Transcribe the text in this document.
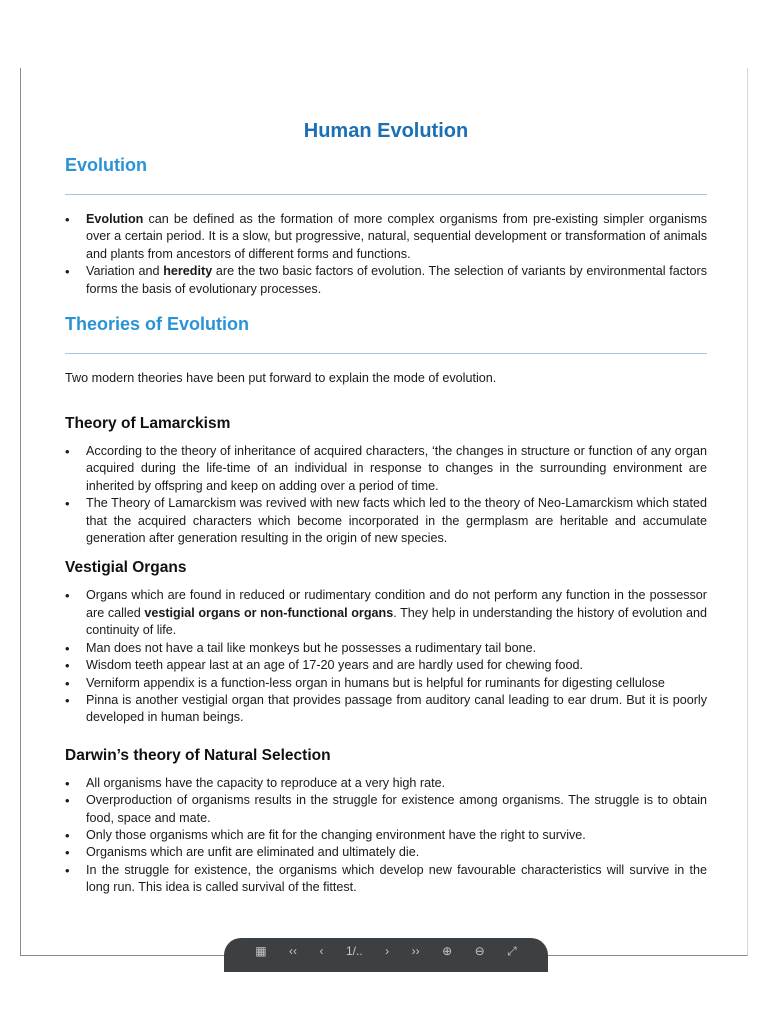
Human Evolution
Evolution
• Evolution can be defined as the formation of more complex organisms from pre-existing simpler organisms over a certain period. It is a slow, but progressive, natural, sequential development or transformation of animals and plants from ancestors of different forms and functions.
• Variation and heredity are the two basic factors of evolution. The selection of variants by environmental factors forms the basis of evolutionary processes.
Theories of Evolution

Two modern theories have been put forward to explain the mode of evolution.

Theory of Lamarckism
• According to the theory of inheritance of acquired characters, ‘the changes in structure or function of any organ acquired during the life-time of an individual in response to changes in the surrounding environment are inherited by offspring and keep on adding over a period of time.
• The Theory of Lamarckism was revived with new facts which led to the theory of Neo-Lamarckism which stated that the acquired characters which become incorporated in the germplasm are heritable and accumulate generation after generation resulting in the origin of new species.
Vestigial Organs
• Organs which are found in reduced or rudimentary condition and do not perform any function in the possessor are called vestigial organs or non-functional organs. They help in understanding the history of evolution and continuity of life.
• Man does not have a tail like monkeys but he possesses a rudimentary tail bone.
• Wisdom teeth appear last at an age of 17-20 years and are hardly used for chewing food.
• Verniform appendix is a function-less organ in humans but is helpful for ruminants for digesting cellulose
• Pinna is another vestigial organ that provides passage from auditory canal leading to ear drum. But it is poorly developed in human beings.
Darwin’s theory of Natural Selection
• All organisms have the capacity to reproduce at a very high rate.
• Overproduction of organisms results in the struggle for existence among organisms. The struggle is to obtain food, space and mate.
• Only those organisms which are fit for the changing environment have the right to survive.
• Organisms which are unfit are eliminated and ultimately die.
• In the struggle for existence, the organisms which develop new favourable characteristics will survive in the long run. This idea is called survival of the fittest.
▦ ‹‹ ‹ 1/.. › ›› ⊕ ⊖ ⤢
